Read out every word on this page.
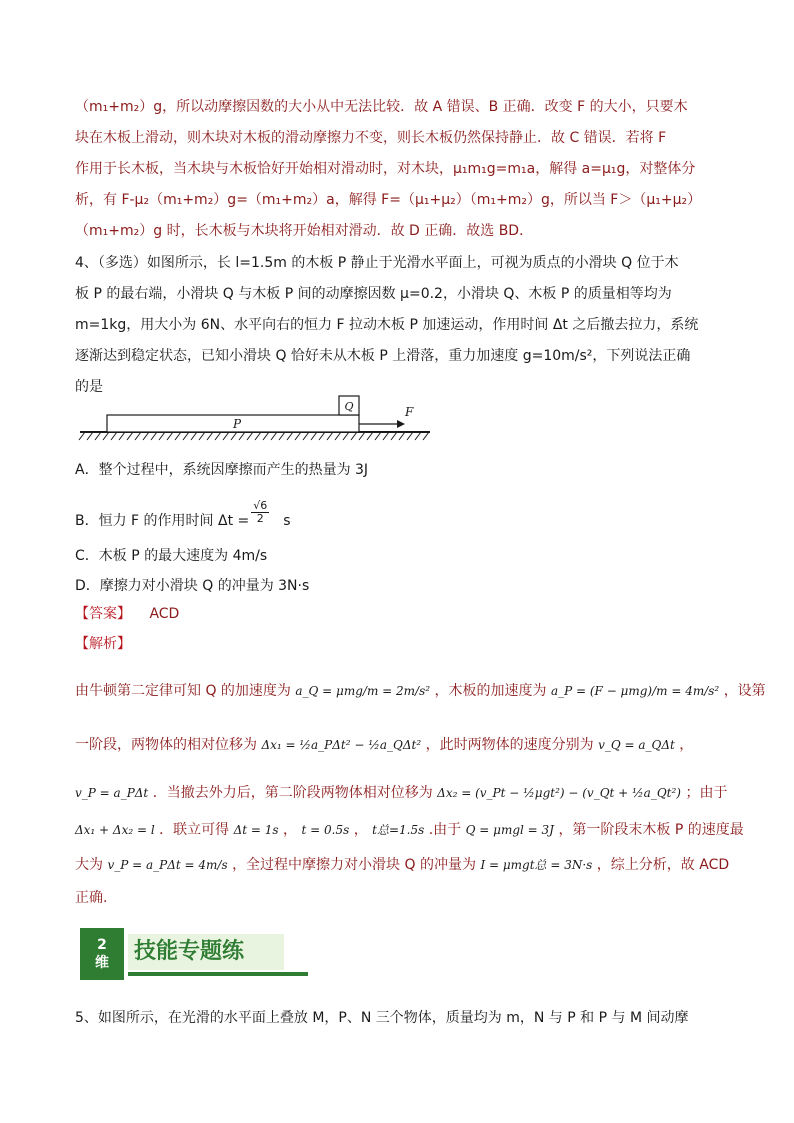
（m₁+m₂）g，所以动摩擦因数的大小从中无法比较．故 A 错误、B 正确．改变 F 的大小，只要木
块在木板上滑动，则木块对木板的滑动摩擦力不变，则长木板仍然保持静止．故 C 错误．若将 F
作用于长木板，当木块与木板恰好开始相对滑动时，对木块，μ₁m₁g=m₁a，解得 a=μ₁g，对整体分
析，有 F-μ₂（m₁+m₂）g=（m₁+m₂）a，解得 F=（μ₁+μ₂）（m₁+m₂）g，所以当 F＞（μ₁+μ₂）
（m₁+m₂）g 时，长木板与木块将开始相对滑动．故 D 正确．故选 BD．
4、（多选）如图所示，长 l=1.5m 的木板 P 静止于光滑水平面上，可视为质点的小滑块 Q 位于木
板 P 的最右端，小滑块 Q 与木板 P 间的动摩擦因数 μ=0.2，小滑块 Q、木板 P 的质量相等均为
m=1kg，用大小为 6N、水平向右的恒力 F 拉动木板 P 加速运动，作用时间 Δt 之后撤去拉力，系统
逐渐达到稳定状态，已知小滑块 Q 恰好未从木板 P 上滑落，重力加速度 g=10m/s²，下列说法正确
的是
P
Q	F
A．整个过程中，系统因摩擦而产生的热量为 3J
B．恒力 F 的作用时间 $\Delta t = \frac{√6}{2}$ s
C．木板 P 的最大速度为 4m/s
D．摩擦力对小滑块 Q 的冲量为 3N·s
【答案】 ACD
【解析】
由牛顿第二定律可知 Q 的加速度为 a_Q = μmg/m = 2m/s² ，木板的加速度为 a_P = (F − μmg)/m = 4m/s² ，设第
一阶段，两物体的相对位移为 Δx₁ = ½a_PΔt² − ½a_QΔt² ，此时两物体的速度分别为 v_Q = a_QΔt ，
v_P = a_PΔt ．当撤去外力后，第二阶段两物体相对位移为 Δx₂ = (v_Pt − ½μgt²) − (v_Qt + ½a_Qt²) ；由于
Δx₁ + Δx₂ = l ．联立可得 Δt = 1s ， t = 0.5s ， t总=1.5s .由于 Q = μmgl = 3J ，第一阶段末木板 P 的速度最
大为 v_P = a_PΔt = 4m/s ，全过程中摩擦力对小滑块 Q 的冲量为 I = μmgt总 = 3N·s ，综上分析，故 ACD
正确.
2
维 技能专题练
5、如图所示，在光滑的水平面上叠放 M，P、N 三个物体，质量均为 m，N 与 P 和 P 与 M 间动摩
